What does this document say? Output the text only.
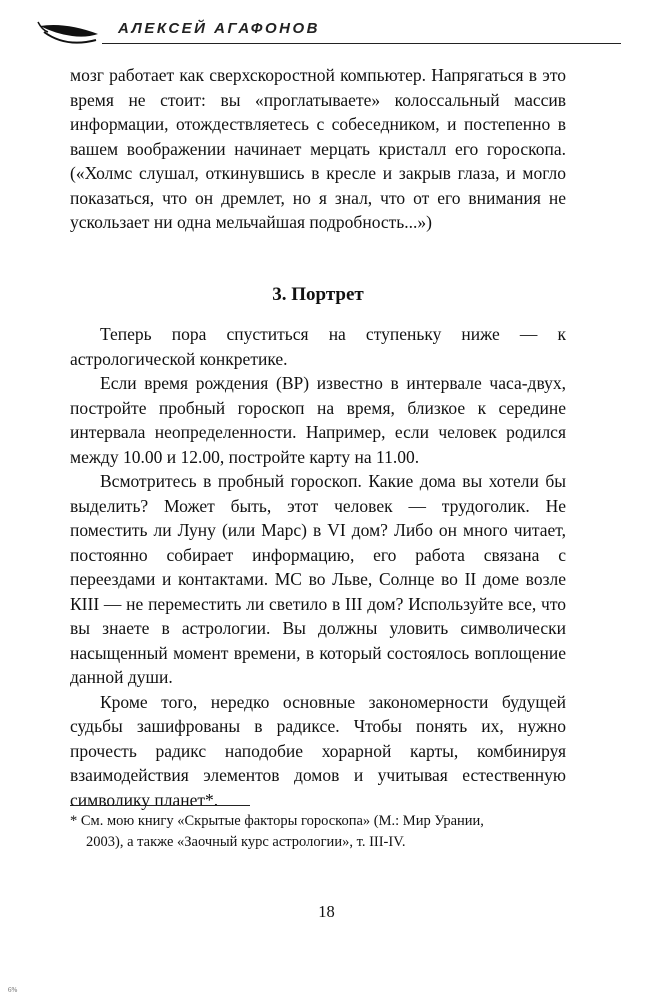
АЛЕКСЕЙ АГАФОНОВ

мозг работает как сверхскоростной компьютер. Напрягаться в это время не стоит: вы «проглатываете» колоссальный массив информации, отождествляетесь с собеседником, и постепенно в вашем воображении начинает мерцать кристалл его гороскопа. («Холмс слушал, откинувшись в кресле и закрыв глаза, и могло показаться, что он дремлет, но я знал, что от его внимания не ускользает ни одна мельчайшая подробность...»)

3. Портрет

Теперь пора спуститься на ступеньку ниже — к астрологической конкретике.

Если время рождения (ВР) известно в интервале часа-двух, постройте пробный гороскоп на время, близкое к середине интервала неопределенности. Например, если человек родился между 10.00 и 12.00, постройте карту на 11.00.

Всмотритесь в пробный гороскоп. Какие дома вы хотели бы выделить? Может быть, этот человек — трудоголик. Не поместить ли Луну (или Марс) в VI дом? Либо он много читает, постоянно собирает информацию, его работа связана с переездами и контактами. МС во Льве, Солнце во II доме возле КIII — не переместить ли светило в III дом? Используйте все, что вы знаете в астрологии. Вы должны уловить символически насыщенный момент времени, в который состоялось воплощение данной души.

Кроме того, нередко основные закономерности будущей судьбы зашифрованы в радиксе. Чтобы понять их, нужно прочесть радикс наподобие хорарной карты, комбинируя взаимодействия элементов домов и учитывая естественную символику планет*.

* См. мою книгу «Скрытые факторы гороскопа» (М.: Мир Урании,
2003), а также «Заочный курс астрологии», т. III-IV.
18
6%
